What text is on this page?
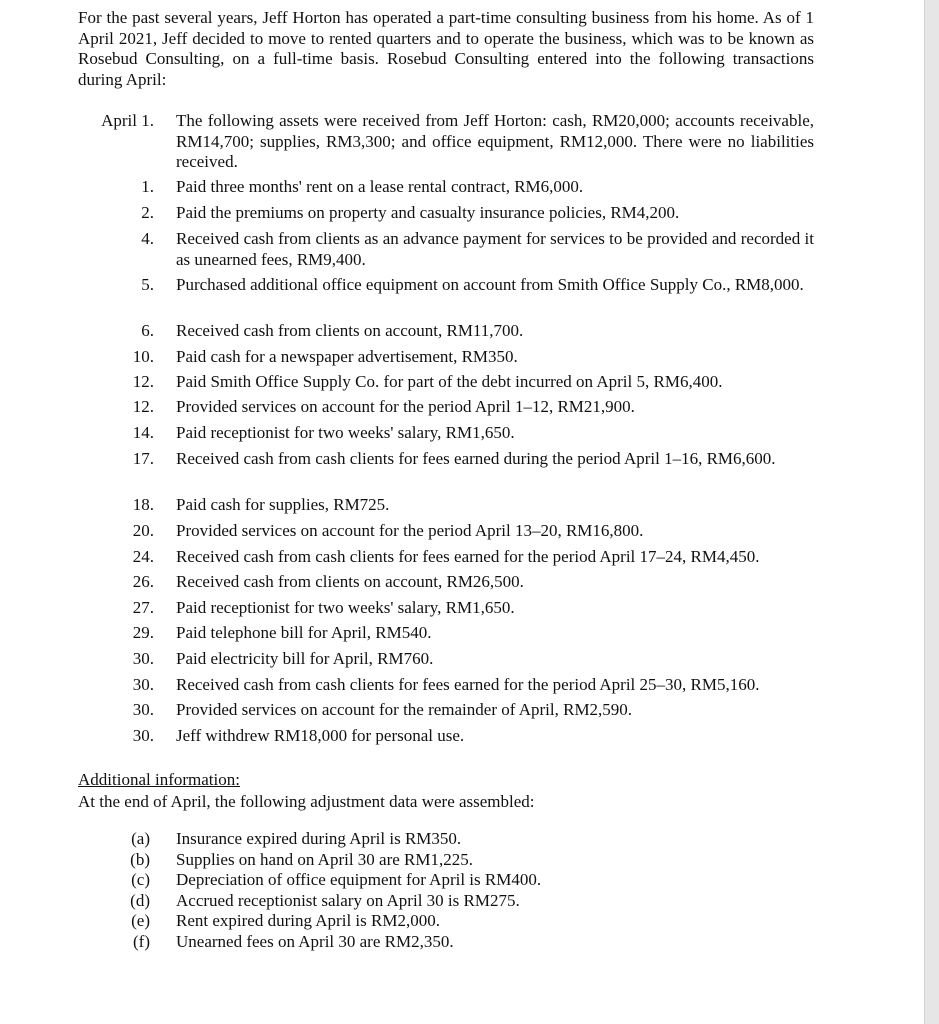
For the past several years, Jeff Horton has operated a part-time consulting business from his home. As of 1 April 2021, Jeff decided to move to rented quarters and to operate the business, which was to be known as Rosebud Consulting, on a full-time basis. Rosebud Consulting entered into the following transactions during April:
April 1. The following assets were received from Jeff Horton: cash, RM20,000; accounts receivable, RM14,700; supplies, RM3,300; and office equipment, RM12,000. There were no liabilities received.
1. Paid three months' rent on a lease rental contract, RM6,000.
2. Paid the premiums on property and casualty insurance policies, RM4,200.
4. Received cash from clients as an advance payment for services to be provided and recorded it as unearned fees, RM9,400.
5. Purchased additional office equipment on account from Smith Office Supply Co., RM8,000.
6. Received cash from clients on account, RM11,700.
10. Paid cash for a newspaper advertisement, RM350.
12. Paid Smith Office Supply Co. for part of the debt incurred on April 5, RM6,400.
12. Provided services on account for the period April 1–12, RM21,900.
14. Paid receptionist for two weeks' salary, RM1,650.
17. Received cash from cash clients for fees earned during the period April 1–16, RM6,600.
18. Paid cash for supplies, RM725.
20. Provided services on account for the period April 13–20, RM16,800.
24. Received cash from cash clients for fees earned for the period April 17–24, RM4,450.
26. Received cash from clients on account, RM26,500.
27. Paid receptionist for two weeks' salary, RM1,650.
29. Paid telephone bill for April, RM540.
30. Paid electricity bill for April, RM760.
30. Received cash from cash clients for fees earned for the period April 25–30, RM5,160.
30. Provided services on account for the remainder of April, RM2,590.
30. Jeff withdrew RM18,000 for personal use.
Additional information:
At the end of April, the following adjustment data were assembled:
(a) Insurance expired during April is RM350.
(b) Supplies on hand on April 30 are RM1,225.
(c) Depreciation of office equipment for April is RM400.
(d) Accrued receptionist salary on April 30 is RM275.
(e) Rent expired during April is RM2,000.
(f) Unearned fees on April 30 are RM2,350.
